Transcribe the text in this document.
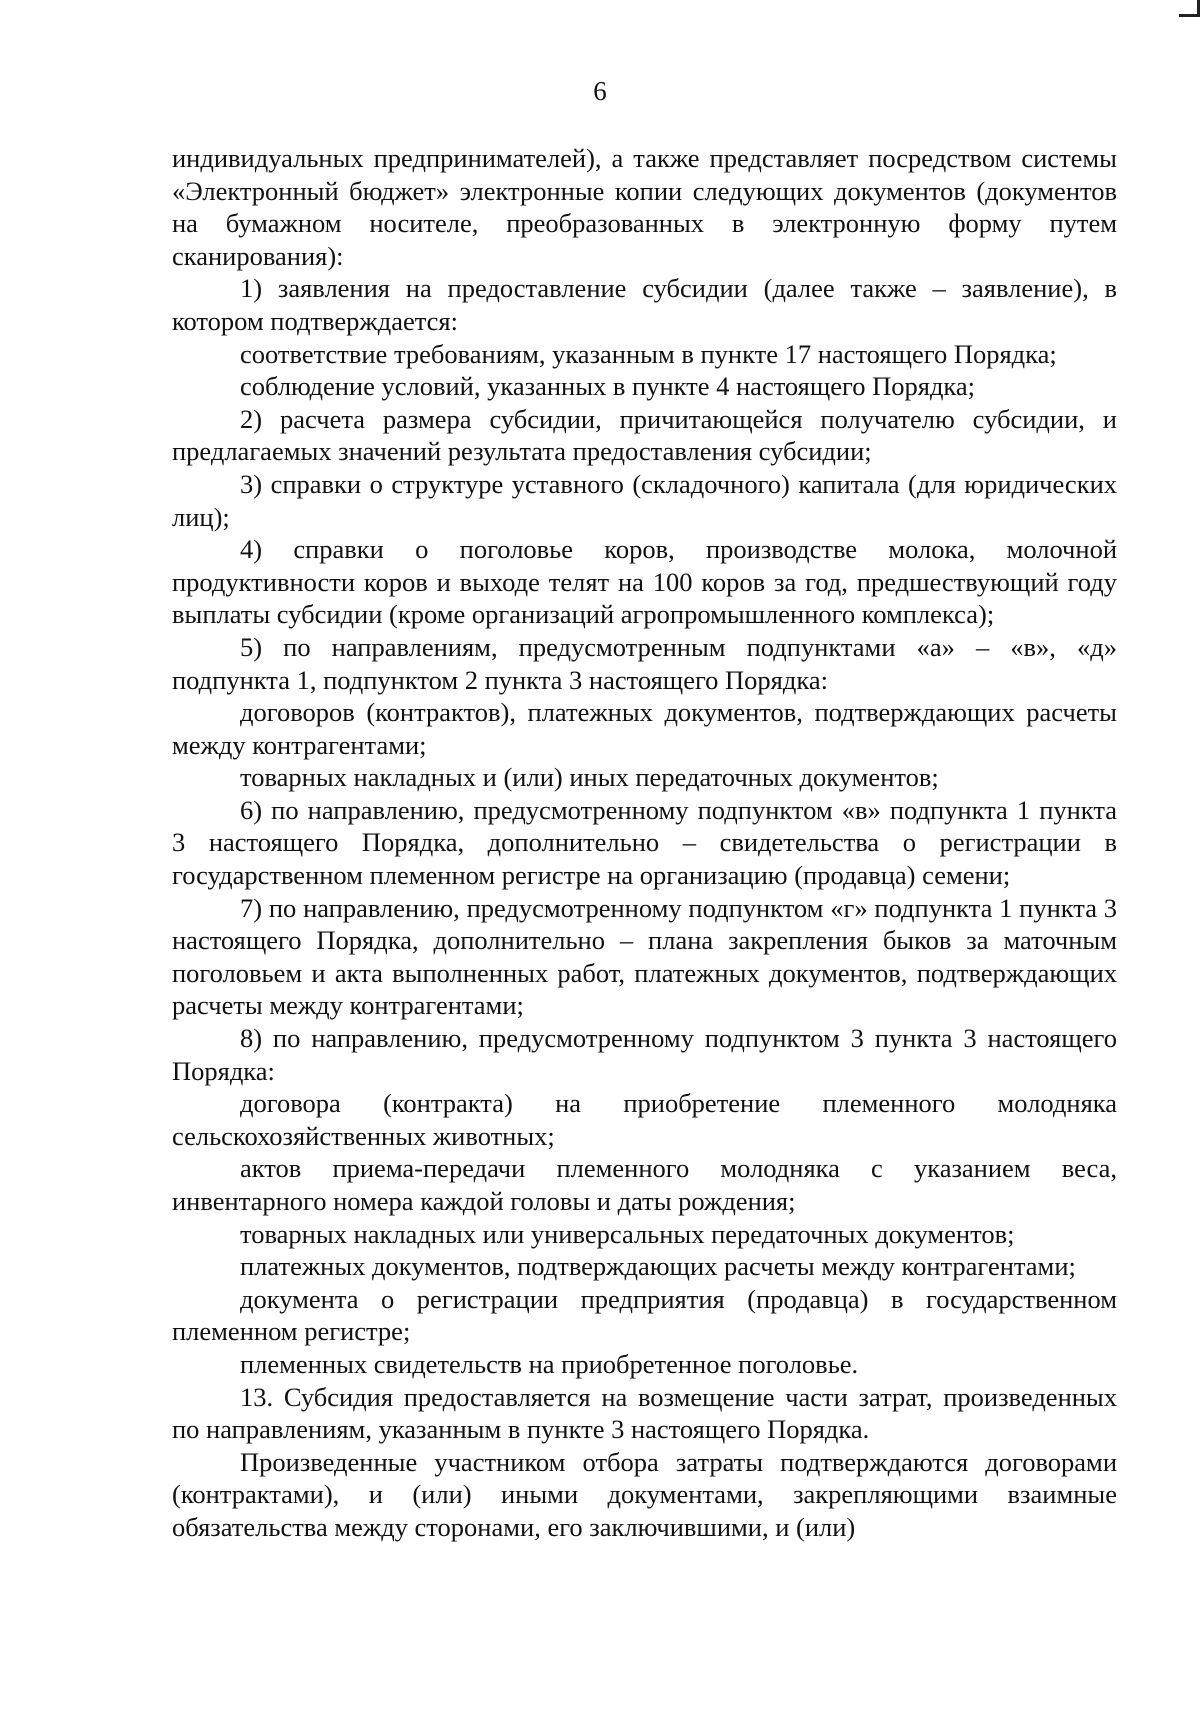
6

индивидуальных предпринимателей), а также представляет посредством системы «Электронный бюджет» электронные копии следующих документов (документов на бумажном носителе, преобразованных в электронную форму путем сканирования):

1) заявления на предоставление субсидии (далее также – заявление), в котором подтверждается:

соответствие требованиям, указанным в пункте 17 настоящего Порядка;

соблюдение условий, указанных в пункте 4 настоящего Порядка;

2) расчета размера субсидии, причитающейся получателю субсидии, и предлагаемых значений результата предоставления субсидии;

3) справки о структуре уставного (складочного) капитала (для юридических лиц);

4) справки о поголовье коров, производстве молока, молочной продуктивности коров и выходе телят на 100 коров за год, предшествующий году выплаты субсидии (кроме организаций агропромышленного комплекса);

5) по направлениям, предусмотренным подпунктами «а» – «в», «д» подпункта 1, подпунктом 2 пункта 3 настоящего Порядка:

договоров (контрактов), платежных документов, подтверждающих расчеты между контрагентами;

товарных накладных и (или) иных передаточных документов;

6) по направлению, предусмотренному подпунктом «в» подпункта 1 пункта 3 настоящего Порядка, дополнительно – свидетельства о регистрации в государственном племенном регистре на организацию (продавца) семени;

7) по направлению, предусмотренному подпунктом «г» подпункта 1 пункта 3 настоящего Порядка, дополнительно – плана закрепления быков за маточным поголовьем и акта выполненных работ, платежных документов, подтверждающих расчеты между контрагентами;

8) по направлению, предусмотренному подпунктом 3 пункта 3 настоящего Порядка:

договора (контракта) на приобретение племенного молодняка сельскохозяйственных животных;

актов приема-передачи племенного молодняка с указанием веса, инвентарного номера каждой головы и даты рождения;

товарных накладных или универсальных передаточных документов;

платежных документов, подтверждающих расчеты между контрагентами;

документа о регистрации предприятия (продавца) в государственном племенном регистре;

племенных свидетельств на приобретенное поголовье.

13. Субсидия предоставляется на возмещение части затрат, произведенных по направлениям, указанным в пункте 3 настоящего Порядка.

Произведенные участником отбора затраты подтверждаются договорами (контрактами), и (или) иными документами, закрепляющими взаимные обязательства между сторонами, его заключившими, и (или)
